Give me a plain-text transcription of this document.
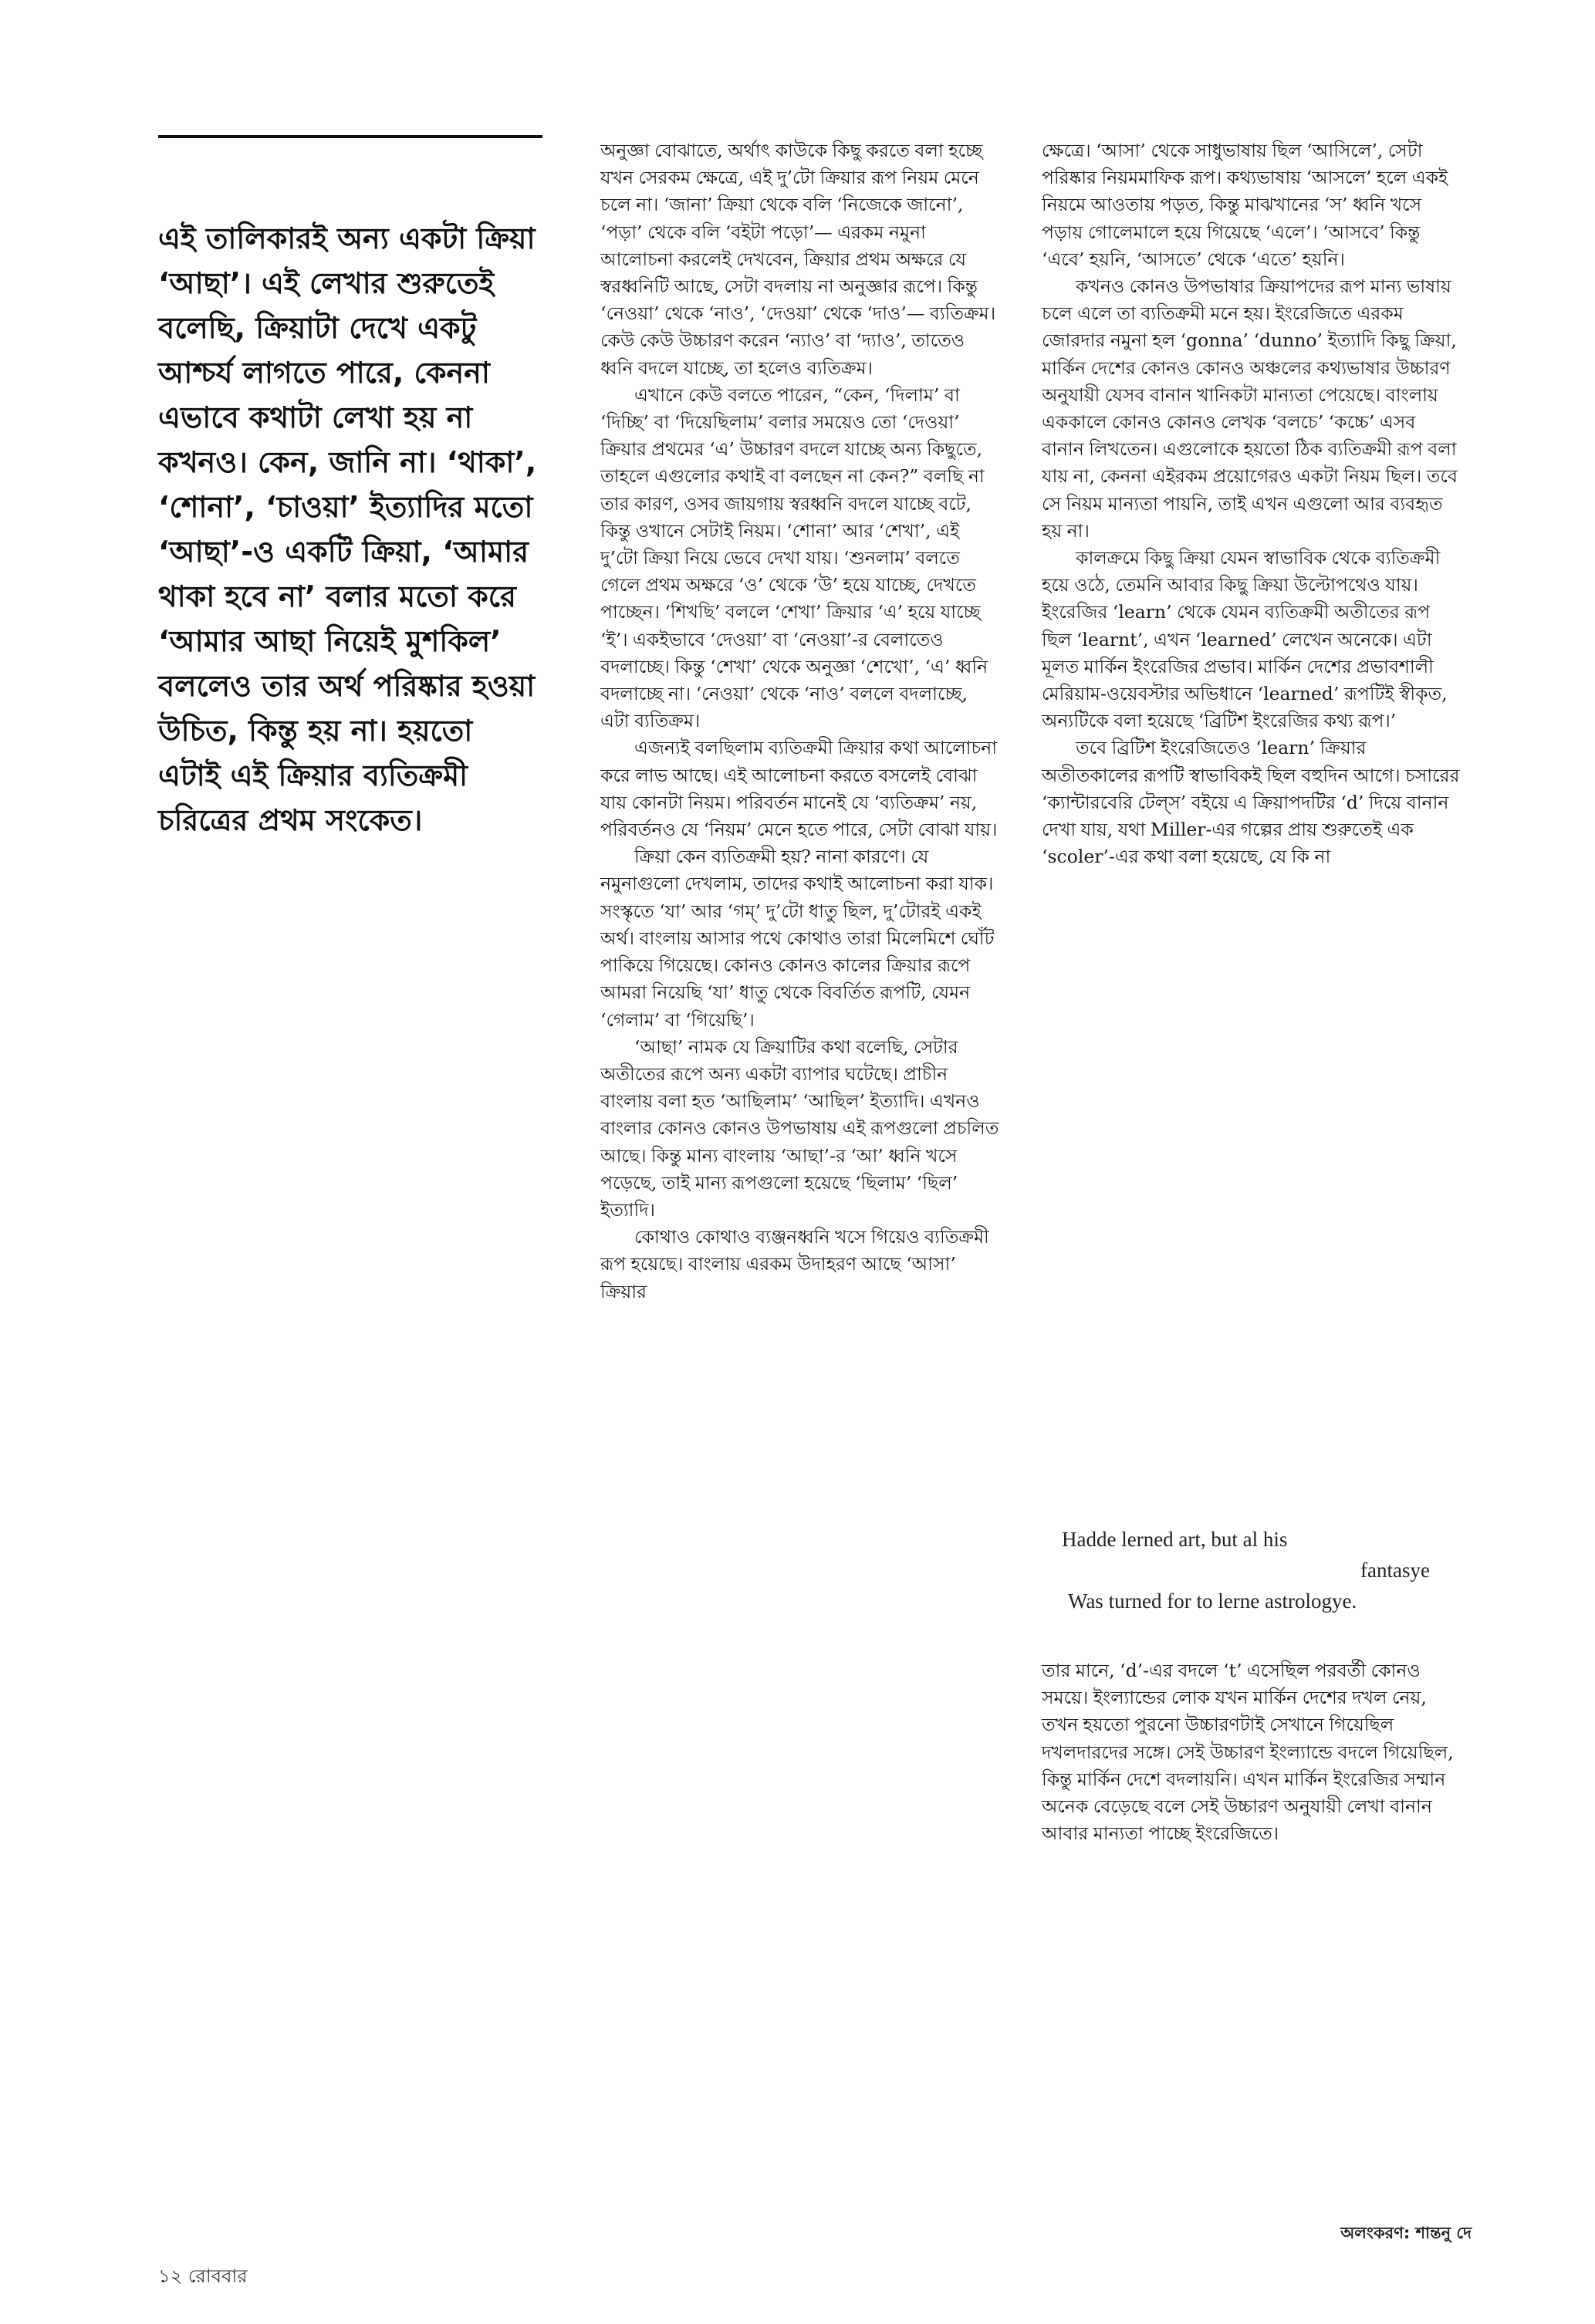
এই তালিকারই অন্য একটা ক্রিয়া ‘আছা’। এই লেখার শুরুতেই বলেছি, ক্রিয়াটা দেখে একটু আশ্চর্য লাগতে পারে, কেননা এভাবে কথাটা লেখা হয় না কখনও। কেন, জানি না। ‘থাকা’, ‘শোনা’, ‘চাওয়া’ ইত্যাদির মতো ‘আছা’-ও একটি ক্রিয়া, ‘আমার থাকা হবে না’ বলার মতো করে ‘আমার আছা নিয়েই মুশকিল’ বললেও তার অর্থ পরিষ্কার হওয়া উচিত, কিন্তু হয় না। হয়তো এটাই এই ক্রিয়ার ব্যতিক্রমী চরিত্রের প্রথম সংকেত।

অনুজ্ঞা বোঝাতে, অর্থাৎ কাউকে কিছু করতে বলা হচ্ছে যখন সেরকম ক্ষেত্রে, এই দু’টো ক্রিয়ার রূপ নিয়ম মেনে চলে না। ‘জানা’ ক্রিয়া থেকে বলি ‘নিজেকে জানো’, ‘পড়া’ থেকে বলি ‘বইটা পড়ো’— এরকম নমুনা আলোচনা করলেই দেখবেন, ক্রিয়ার প্রথম অক্ষরে যে স্বরধ্বনিটি আছে, সেটা বদলায় না অনুজ্ঞার রূপে। কিন্তু ‘নেওয়া’ থেকে ‘নাও’, ‘দেওয়া’ থেকে ‘দাও’— ব্যতিক্রম। কেউ কেউ উচ্চারণ করেন ‘ন্যাও’ বা ‘দ্যাও’, তাতেও ধ্বনি বদলে যাচ্ছে, তা হলেও ব্যতিক্রম।

এখানে কেউ বলতে পারেন, “কেন, ‘দিলাম’ বা ‘দিচ্ছি’ বা ‘দিয়েছিলাম’ বলার সময়েও তো ‘দেওয়া’ ক্রিয়ার প্রথমের ‘এ’ উচ্চারণ বদলে যাচ্ছে অন্য কিছুতে, তাহলে এগুলোর কথাই বা বলছেন না কেন?” বলছি না তার কারণ, ওসব জায়গায় স্বরধ্বনি বদলে যাচ্ছে বটে, কিন্তু ওখানে সেটাই নিয়ম। ‘শোনা’ আর ‘শেখা’, এই দু’টো ক্রিয়া নিয়ে ভেবে দেখা যায়। ‘শুনলাম’ বলতে গেলে প্রথম অক্ষরে ‘ও’ থেকে ‘উ’ হয়ে যাচ্ছে, দেখতে পাচ্ছেন। ‘শিখছি’ বললে ‘শেখা’ ক্রিয়ার ‘এ’ হয়ে যাচ্ছে ‘ই’। একইভাবে ‘দেওয়া’ বা ‘নেওয়া’-র বেলাতেও বদলাচ্ছে। কিন্তু ‘শেখা’ থেকে অনুজ্ঞা ‘শেখো’, ‘এ’ ধ্বনি বদলাচ্ছে না। ‘নেওয়া’ থেকে ‘নাও’ বললে বদলাচ্ছে, এটা ব্যতিক্রম।

এজন্যই বলছিলাম ব্যতিক্রমী ক্রিয়ার কথা আলোচনা করে লাভ আছে। এই আলোচনা করতে বসলেই বোঝা যায় কোনটা নিয়ম। পরিবর্তন মানেই যে ‘ব্যতিক্রম’ নয়, পরিবর্তনও যে ‘নিয়ম’ মেনে হতে পারে, সেটা বোঝা যায়।

ক্রিয়া কেন ব্যতিক্রমী হয়? নানা কারণে। যে নমুনাগুলো দেখলাম, তাদের কথাই আলোচনা করা যাক। সংস্কৃতে ‘যা’ আর ‘গম্’ দু’টো ধাতু ছিল, দু’টোরই একই অর্থ। বাংলায় আসার পথে কোথাও তারা মিলেমিশে ঘোঁট পাকিয়ে গিয়েছে। কোনও কোনও কালের ক্রিয়ার রূপে আমরা নিয়েছি ‘যা’ ধাতু থেকে বিবর্তিত রূপটি, যেমন ‘গেলাম’ বা ‘গিয়েছি’।

‘আছা’ নামক যে ক্রিয়াটির কথা বলেছি, সেটার অতীতের রূপে অন্য একটা ব্যাপার ঘটেছে। প্রাচীন বাংলায় বলা হত ‘আছিলাম’ ‘আছিল’ ইত্যাদি। এখনও বাংলার কোনও কোনও উপভাষায় এই রূপগুলো প্রচলিত আছে। কিন্তু মান্য বাংলায় ‘আছা’-র ‘আ’ ধ্বনি খসে পড়েছে, তাই মান্য রূপগুলো হয়েছে ‘ছিলাম’ ‘ছিল’ ইত্যাদি।

কোথাও কোথাও ব্যঞ্জনধ্বনি খসে গিয়েও ব্যতিক্রমী রূপ হয়েছে। বাংলায় এরকম উদাহরণ আছে ‘আসা’ ক্রিয়ার

ক্ষেত্রে। ‘আসা’ থেকে সাধুভাষায় ছিল ‘আসিলে’, সেটা পরিষ্কার নিয়মমাফিক রূপ। কথ্যভাষায় ‘আসলে’ হলে একই নিয়মে আওতায় পড়ত, কিন্তু মাঝখানের ‘স’ ধ্বনি খসে পড়ায় গোলেমালে হয়ে গিয়েছে ‘এলে’। ‘আসবে’ কিন্তু ‘এবে’ হয়নি, ‘আসতে’ থেকে ‘এতে’ হয়নি।

কখনও কোনও উপভাষার ক্রিয়াপদের রূপ মান্য ভাষায় চলে এলে তা ব্যতিক্রমী মনে হয়। ইংরেজিতে এরকম জোরদার নমুনা হল ‘gonna’ ‘dunno’ ইত্যাদি কিছু ক্রিয়া, মার্কিন দেশের কোনও কোনও অঞ্চলের কথ্যভাষার উচ্চারণ অনুযায়ী যেসব বানান খানিকটা মান্যতা পেয়েছে। বাংলায় এককালে কোনও কোনও লেখক ‘বলচে’ ‘কচ্চে’ এসব বানান লিখতেন। এগুলোকে হয়তো ঠিক ব্যতিক্রমী রূপ বলা যায় না, কেননা এইরকম প্রয়োগেরও একটা নিয়ম ছিল। তবে সে নিয়ম মান্যতা পায়নি, তাই এখন এগুলো আর ব্যবহৃত হয় না।

কালক্রমে কিছু ক্রিয়া যেমন স্বাভাবিক থেকে ব্যতিক্রমী হয়ে ওঠে, তেমনি আবার কিছু ক্রিয়া উল্টোপথেও যায়। ইংরেজির ‘learn’ থেকে যেমন ব্যতিক্রমী অতীতের রূপ ছিল ‘learnt’, এখন ‘learned’ লেখেন অনেকে। এটা মূলত মার্কিন ইংরেজির প্রভাব। মার্কিন দেশের প্রভাবশালী মেরিয়াম-ওয়েবস্টার অভিধানে ‘learned’ রূপটিই স্বীকৃত, অন্যটিকে বলা হয়েছে ‘ব্রিটিশ ইংরেজির কথ্য রূপ।’

তবে ব্রিটিশ ইংরেজিতেও ‘learn’ ক্রিয়ার অতীতকালের রূপটি স্বাভাবিকই ছিল বহুদিন আগে। চসারের ‘ক্যান্টারবেরি টেল্‌স’ বইয়ে এ ক্রিয়াপদটির ‘d’ দিয়ে বানান দেখা যায়, যথা Miller-এর গল্পের প্রায় শুরুতেই এক ‘scoler’-এর কথা বলা হয়েছে, যে কি না

Hadde lerned art, but al his
fantasye
Was turned for to lerne astrologye.

তার মানে, ‘d’-এর বদলে ‘t’ এসেছিল পরবর্তী কোনও সময়ে। ইংল্যান্ডের লোক যখন মার্কিন দেশের দখল নেয়, তখন হয়তো পুরনো উচ্চারণটাই সেখানে গিয়েছিল দখলদারদের সঙ্গে। সেই উচ্চারণ ইংল্যান্ডে বদলে গিয়েছিল, কিন্তু মার্কিন দেশে বদলায়নি। এখন মার্কিন ইংরেজির সম্মান অনেক বেড়েছে বলে সেই উচ্চারণ অনুযায়ী লেখা বানান আবার মান্যতা পাচ্ছে ইংরেজিতে।

অলংকরণ: শান্তনু দে
১২ রোববার
